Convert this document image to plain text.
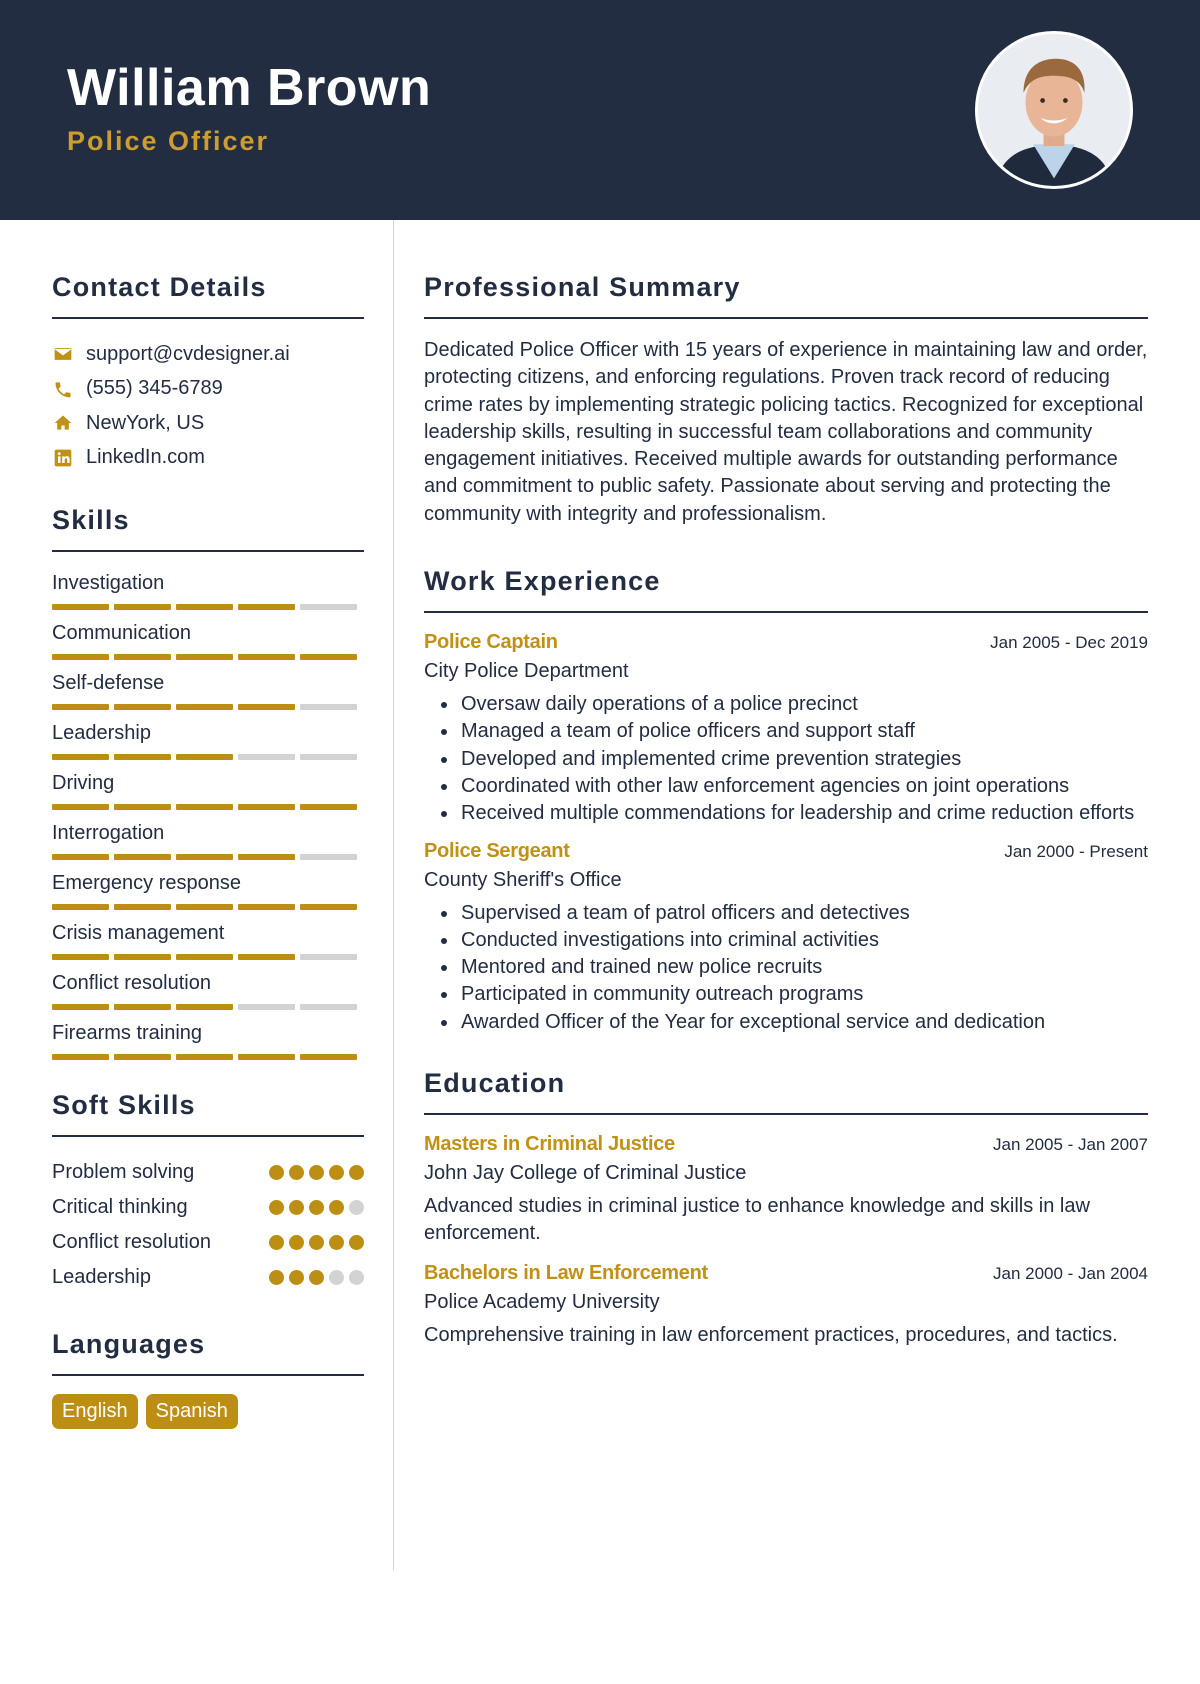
William Brown
Police Officer
Contact Details
support@cvdesigner.ai
(555) 345-6789
NewYork, US
LinkedIn.com
Skills
Investigation
Communication
Self-defense
Leadership
Driving
Interrogation
Emergency response
Crisis management
Conflict resolution
Firearms training
Soft Skills
Problem solving
Critical thinking
Conflict resolution
Leadership
Languages
English	Spanish
Professional Summary

Dedicated Police Officer with 15 years of experience in maintaining law and order, protecting citizens, and enforcing regulations. Proven track record of reducing crime rates by implementing strategic policing tactics. Recognized for exceptional leadership skills, resulting in successful team collaborations and community engagement initiatives. Received multiple awards for outstanding performance and commitment to public safety. Passionate about serving and protecting the community with integrity and professionalism.

Work Experience
Police Captain	Jan 2005 - Dec 2019
City Police Department
Oversaw daily operations of a police precinct
Managed a team of police officers and support staff
Developed and implemented crime prevention strategies
Coordinated with other law enforcement agencies on joint operations
Received multiple commendations for leadership and crime reduction efforts
Police Sergeant	Jan 2000 - Present
County Sheriff's Office
Supervised a team of patrol officers and detectives
Conducted investigations into criminal activities
Mentored and trained new police recruits
Participated in community outreach programs
Awarded Officer of the Year for exceptional service and dedication
Education
Masters in Criminal Justice	Jan 2005 - Jan 2007
John Jay College of Criminal Justice

Advanced studies in criminal justice to enhance knowledge and skills in law enforcement.

Bachelors in Law Enforcement	Jan 2000 - Jan 2004
Police Academy University

Comprehensive training in law enforcement practices, procedures, and tactics.
